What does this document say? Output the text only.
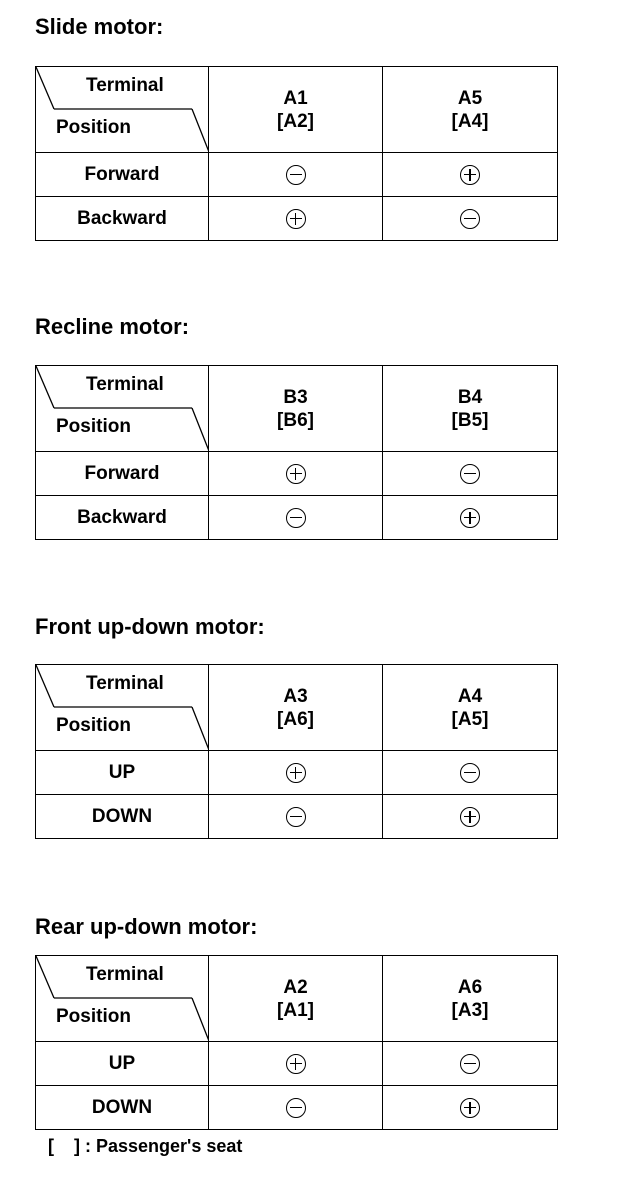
Slide motor:
Terminal
Position
A1
[A2]
A5
[A4]
Forward
Backward
Recline motor:
Terminal
Position
B3
[B6]
B4
[B5]
Forward
Backward
Front up-down motor:
Terminal
Position
A3
[A6]
A4
[A5]
UP
DOWN
Rear up-down motor:
Terminal
Position
A2
[A1]
A6
[A3]
UP
DOWN
[    ] : Passenger's seat
